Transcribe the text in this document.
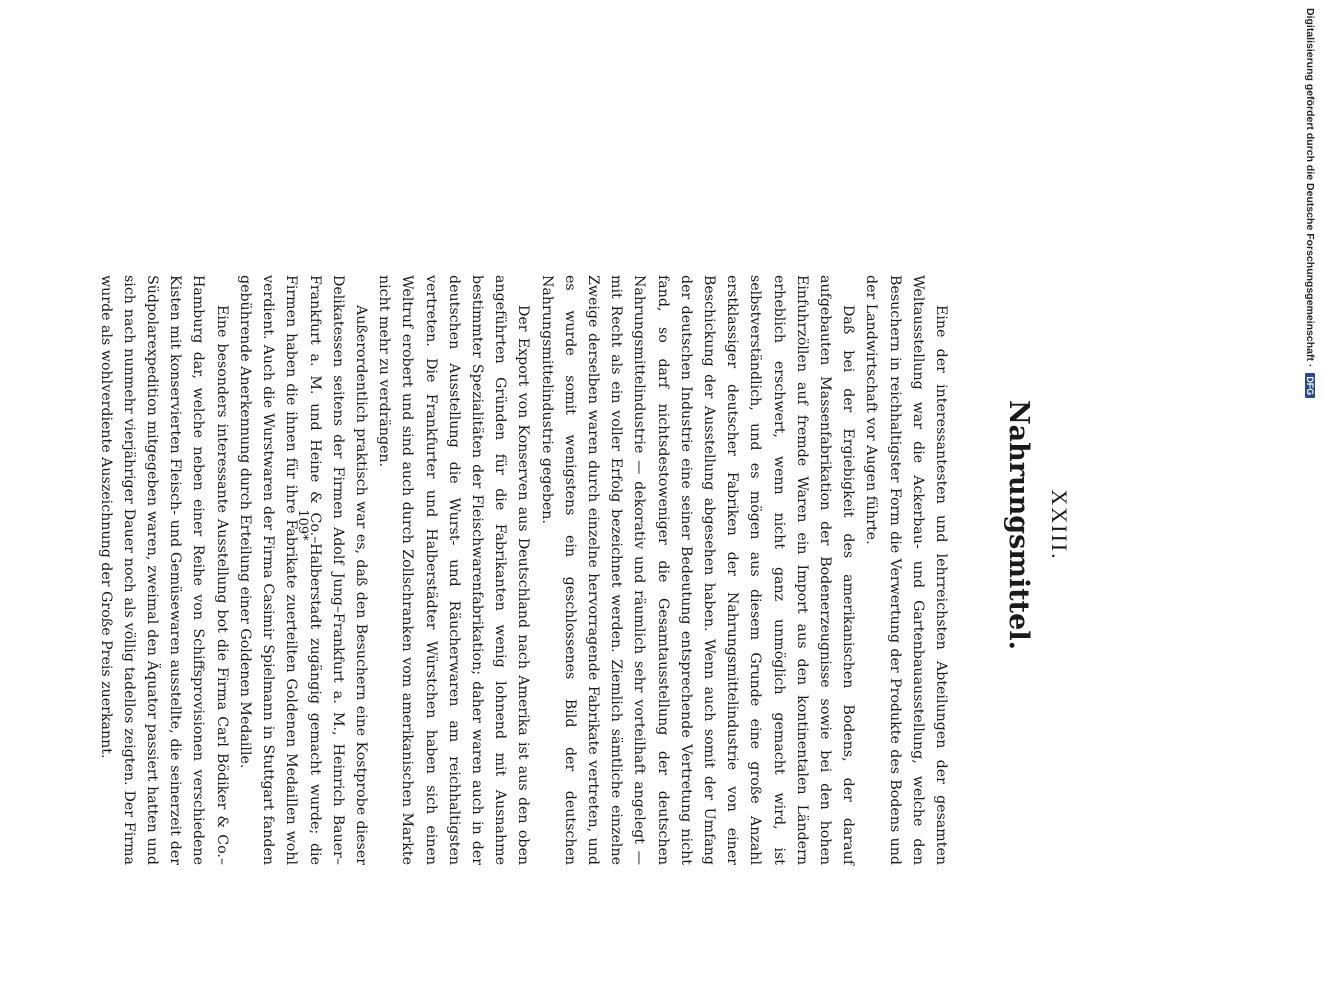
XXIII.
Nahrungsmittel.

Eine der interessantesten und lehrreichsten Abteilungen der gesamten Weltausstellung war die Ackerbau- und Gartenbauausstellung, welche den Besuchern in reichhaltigster Form die Verwertung der Produkte des Bodens und der Landwirtschaft vor Augen führte.

Daß bei der Ergiebigkeit des amerikanischen Bodens, der darauf aufgebauten Massenfabrikation der Bodenerzeugnisse sowie bei den hohen Einfuhrzöllen auf fremde Waren ein Import aus den kontinentalen Ländern erheblich erschwert, wenn nicht ganz unmöglich gemacht wird, ist selbstverständlich, und es mögen aus diesem Grunde eine große Anzahl erstklassiger deutscher Fabriken der Nahrungsmittelindustrie von einer Beschickung der Ausstellung abgesehen haben. Wenn auch somit der Umfang der deutschen Industrie eine seiner Bedeutung entsprechende Vertretung nicht fand, so darf nichtsdestoweniger die Gesamtausstellung der deutschen Nahrungsmittelindustrie — dekorativ und räumlich sehr vorteilhaft angelegt — mit Recht als ein voller Erfolg bezeichnet werden. Ziemlich sämtliche einzelne Zweige derselben waren durch einzelne hervorragende Fabrikate vertreten, und es wurde somit wenigstens ein geschlossenes Bild der deutschen Nahrungsmittelindustrie gegeben.

Der Export von Konserven aus Deutschland nach Amerika ist aus den oben angeführten Gründen für die Fabrikanten wenig lohnend mit Ausnahme bestimmter Spezialitäten der Fleischwarenfabrikation; daher waren auch in der deutschen Ausstellung die Wurst- und Räucherwaren am reichhaltigsten vertreten. Die Frankfurter und Halberstädter Würstchen haben sich einen Weltruf erobert und sind auch durch Zollschranken vom amerikanischen Markte nicht mehr zu verdrängen.

Außerordentlich praktisch war es, daß den Besuchern eine Kostprobe dieser Delikatessen seitens der Firmen Adolf Jung–Frankfurt a. M., Heinrich Bauer–Frankfurt a. M. und Heine & Co.–Halberstadt zugängig gemacht wurde; die Firmen haben die ihnen für ihre Fabrikate zuerteilten Goldenen Medaillen wohl verdient. Auch die Wurstwaren der Firma Casimir Spielmann in Stuttgart fanden gebührende Anerkennung durch Erteilung einer Goldenen Medaille.

Eine besonders interessante Ausstellung bot die Firma Carl Bödiker & Co.–Hamburg dar, welche neben einer Reihe von Schiffsprovisionen verschiedene Kisten mit konservierten Fleisch- und Gemüsewaren ausstellte, die seinerzeit der Südpolarexpedition mitgegeben waren, zweimal den Äquator passiert hatten und sich nach nunmehr vierjähriger Dauer noch als völlig tadellos zeigten. Der Firma wurde als wohlverdiente Auszeichnung der Große Preis zuerkannt.	109*
Digitalisierung gefördert durch die Deutsche Forschungsgemeinschaft · DFG
